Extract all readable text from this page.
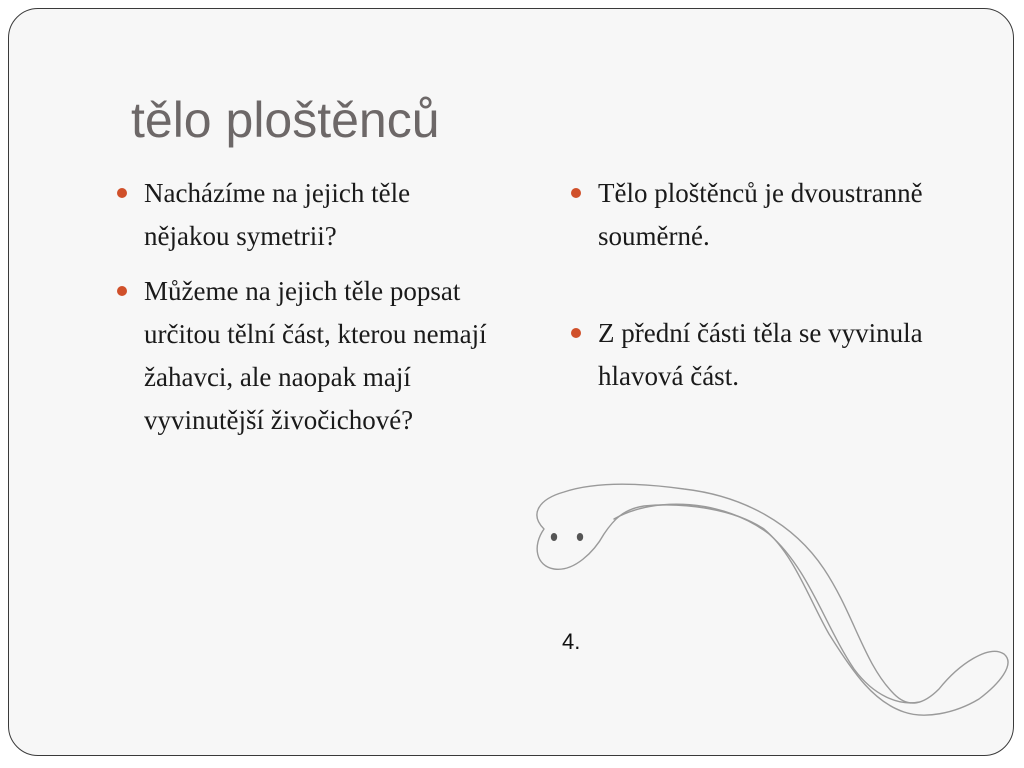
tělo ploštěnců
Nacházíme na jejich těle nějakou symetrii?
Můžeme na jejich těle popsat určitou tělní část, kterou nemají žahavci, ale naopak mají vyvinutější živočichové?
Tělo ploštěnců je dvoustranně souměrné.
Z přední části těla se vyvinula hlavová část.
4.
